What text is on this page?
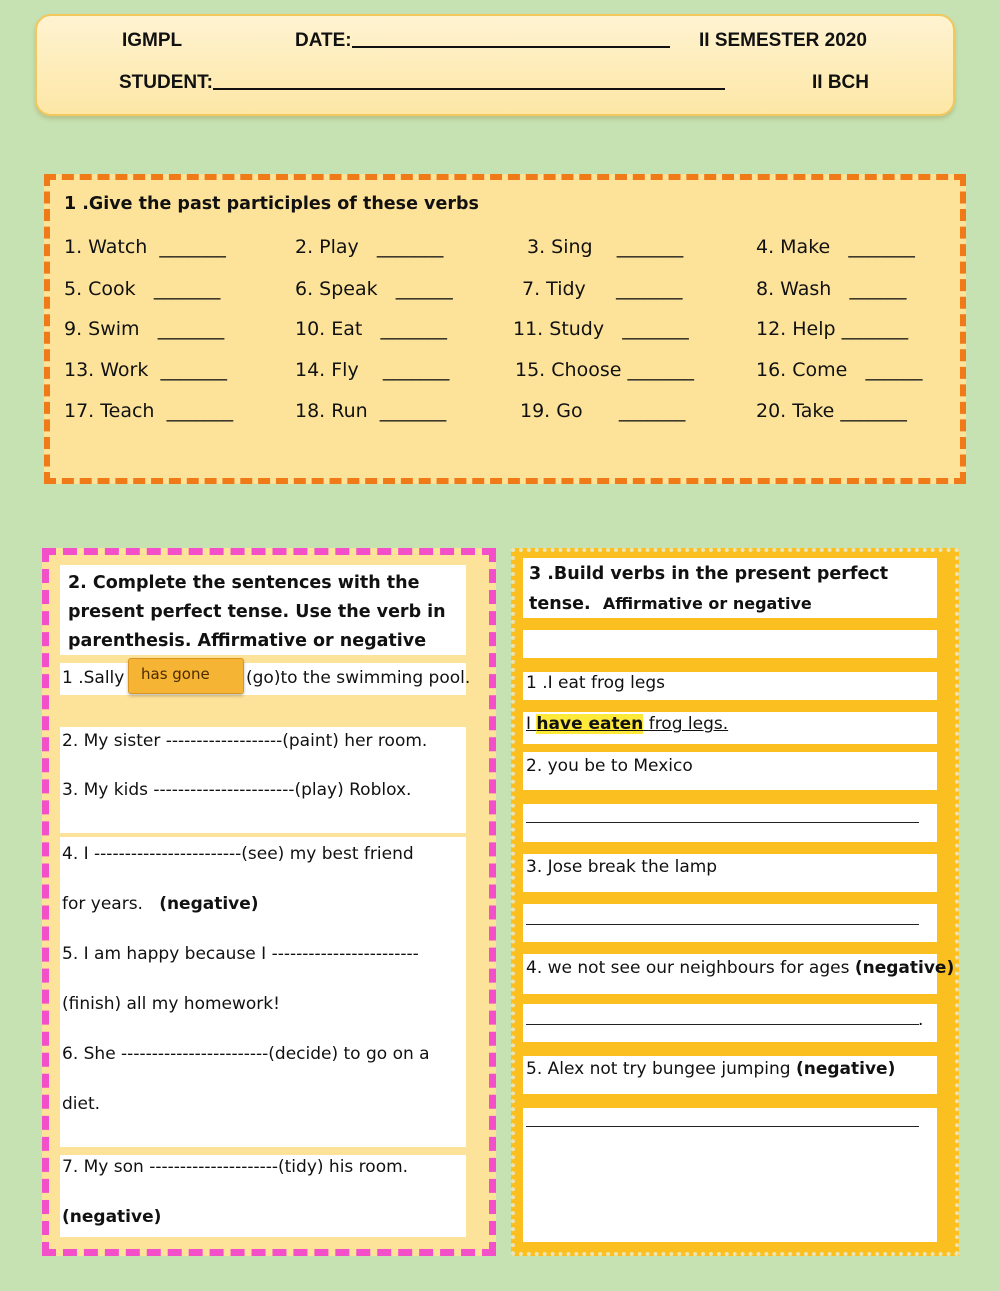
IGMPL	DATE:	II SEMESTER 2020
STUDENT:	II BCH
1 .Give the past participles of these verbs
1. Watch _______	2. Play _______	3. Sing _______	4. Make _______
5. Cook _______	6. Speak ______	7. Tidy _______	8. Wash ______
9. Swim _______	10. Eat _______	11. Study _______	12. Help _______
13. Work _______	14. Fly _______	15. Choose _______	16. Come ______
17. Teach _______	18. Run _______	19. Go _______	20. Take _______
2. Complete the sentences with the
present perfect tense. Use the verb in
parenthesis. Affirmative or negative
1 .Sally	has gone	(go)to the swimming pool.
2. My sister -------------------(paint) her room.
3. My kids -----------------------(play) Roblox.
4. I ------------------------(see) my best friend
for years. (negative)
5. I am happy because I ------------------------
(finish) all my homework!
6. She ------------------------(decide) to go on a
diet.
7. My son ---------------------(tidy) his room.
(negative)
3 .Build verbs in the present perfect
tense. Affirmative or negative
1 .I eat frog legs
I have eaten frog legs.
2. you be to Mexico
3. Jose break the lamp
4. we not see our neighbours for ages (negative)
.
5. Alex not try bungee jumping (negative)
